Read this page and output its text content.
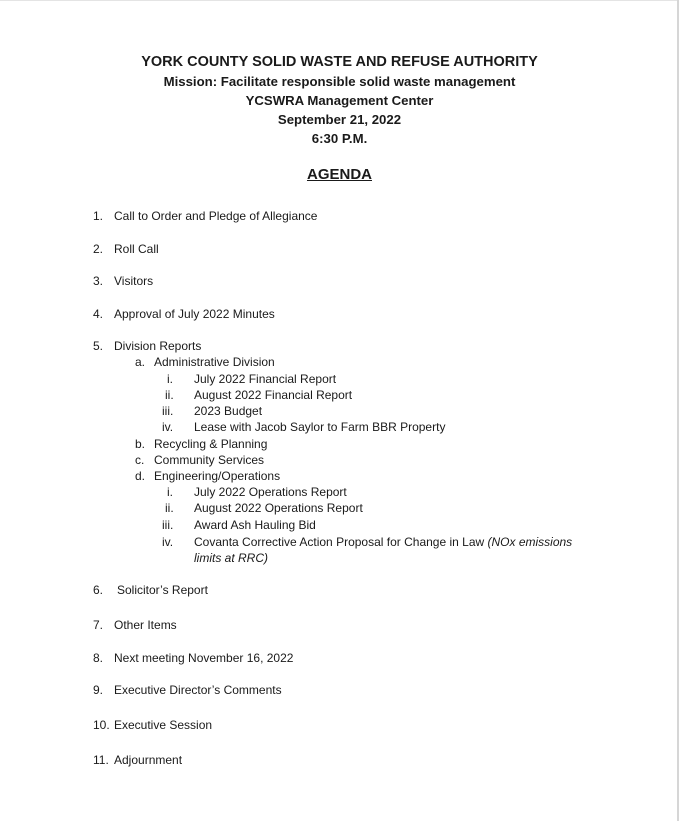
YORK COUNTY SOLID WASTE AND REFUSE AUTHORITY
Mission: Facilitate responsible solid waste management
YCSWRA Management Center
September 21, 2022
6:30 P.M.
AGENDA
1. Call to Order and Pledge of Allegiance
2. Roll Call
3. Visitors
4. Approval of July 2022 Minutes
5. Division Reports
a. Administrative Division
i. July 2022 Financial Report
ii. August 2022 Financial Report
iii. 2023 Budget
iv. Lease with Jacob Saylor to Farm BBR Property
b. Recycling & Planning
c. Community Services
d. Engineering/Operations
i. July 2022 Operations Report
ii. August 2022 Operations Report
iii. Award Ash Hauling Bid
iv. Covanta Corrective Action Proposal for Change in Law (NOx emissions
limits at RRC)
6. Solicitor’s Report
7. Other Items
8. Next meeting November 16, 2022
9. Executive Director’s Comments
10. Executive Session
11. Adjournment
